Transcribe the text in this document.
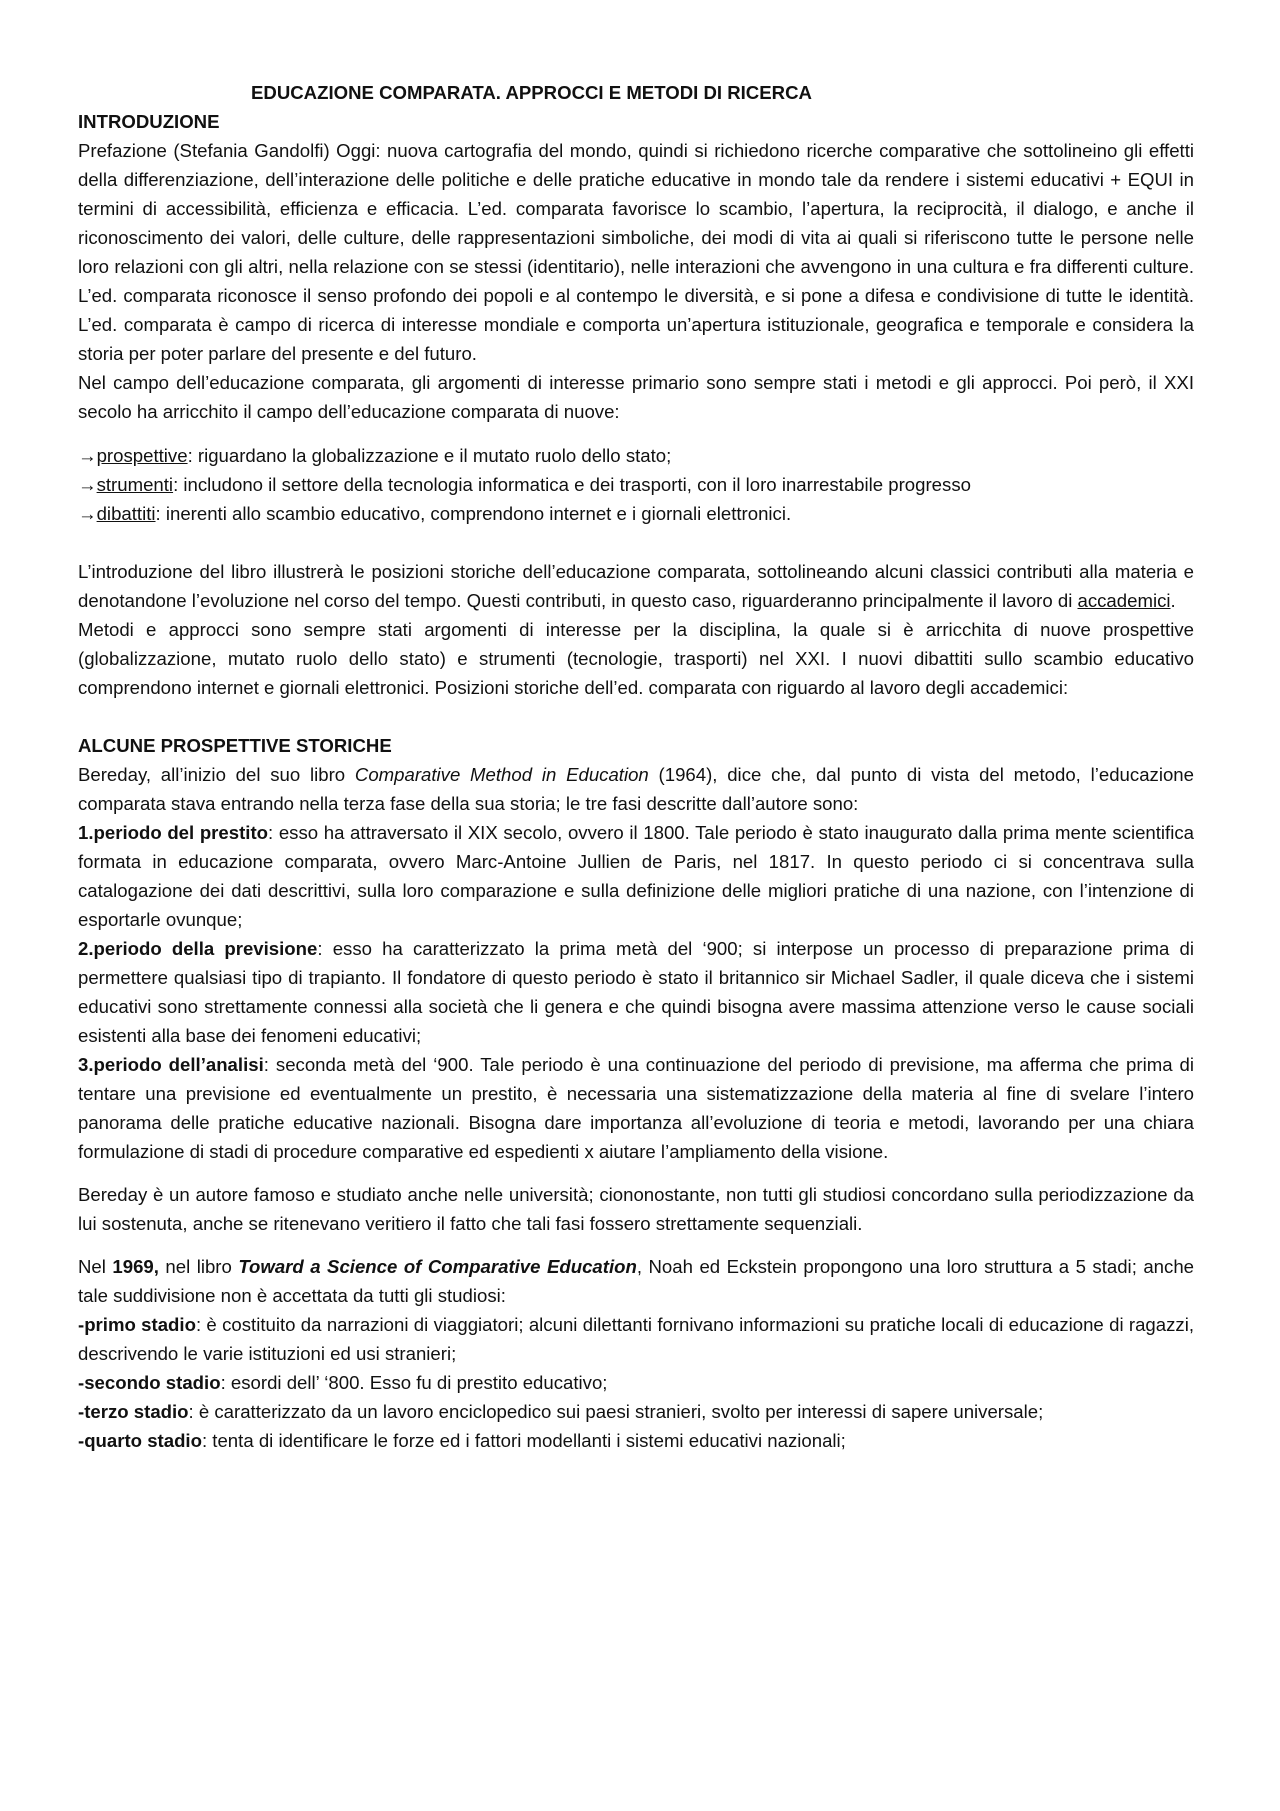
EDUCAZIONE COMPARATA. APPROCCI E METODI DI RICERCA
INTRODUZIONE

Prefazione (Stefania Gandolfi) Oggi: nuova cartografia del mondo, quindi si richiedono ricerche comparative che sottolineino gli effetti della differenziazione, dell’interazione delle politiche e delle pratiche educative in mondo tale da rendere i sistemi educativi + EQUI in termini di accessibilità, efficienza e efficacia. L’ed. comparata favorisce lo scambio, l’apertura, la reciprocità, il dialogo, e anche il riconoscimento dei valori, delle culture, delle rappresentazioni simboliche, dei modi di vita ai quali si riferiscono tutte le persone nelle loro relazioni con gli altri, nella relazione con se stessi (identitario), nelle interazioni che avvengono in una cultura e fra differenti culture. L’ed. comparata riconosce il senso profondo dei popoli e al contempo le diversità, e si pone a difesa e condivisione di tutte le identità. L’ed. comparata è campo di ricerca di interesse mondiale e comporta un’apertura istituzionale, geografica e temporale e considera la storia per poter parlare del presente e del futuro.

Nel campo dell’educazione comparata, gli argomenti di interesse primario sono sempre stati i metodi e gli approcci. Poi però, il XXI secolo ha arricchito il campo dell’educazione comparata di nuove:

→prospettive: riguardano la globalizzazione e il mutato ruolo dello stato;
→strumenti: includono il settore della tecnologia informatica e dei trasporti, con il loro inarrestabile progresso
→dibattiti: inerenti allo scambio educativo, comprendono internet e i giornali elettronici.

L’introduzione del libro illustrerà le posizioni storiche dell’educazione comparata, sottolineando alcuni classici contributi alla materia e denotandone l’evoluzione nel corso del tempo. Questi contributi, in questo caso, riguarderanno principalmente il lavoro di accademici.

Metodi e approcci sono sempre stati argomenti di interesse per la disciplina, la quale si è arricchita di nuove prospettive (globalizzazione, mutato ruolo dello stato) e strumenti (tecnologie, trasporti) nel XXI. I nuovi dibattiti sullo scambio educativo comprendono internet e giornali elettronici. Posizioni storiche dell’ed. comparata con riguardo al lavoro degli accademici:

ALCUNE PROSPETTIVE STORICHE

Bereday, all’inizio del suo libro Comparative Method in Education (1964), dice che, dal punto di vista del metodo, l’educazione comparata stava entrando nella terza fase della sua storia; le tre fasi descritte dall’autore sono:

1.periodo del prestito: esso ha attraversato il XIX secolo, ovvero il 1800. Tale periodo è stato inaugurato dalla prima mente scientifica formata in educazione comparata, ovvero Marc-Antoine Jullien de Paris, nel 1817. In questo periodo ci si concentrava sulla catalogazione dei dati descrittivi, sulla loro comparazione e sulla definizione delle migliori pratiche di una nazione, con l’intenzione di esportarle ovunque;

2.periodo della previsione: esso ha caratterizzato la prima metà del ‘900; si interpose un processo di preparazione prima di permettere qualsiasi tipo di trapianto. Il fondatore di questo periodo è stato il britannico sir Michael Sadler, il quale diceva che i sistemi educativi sono strettamente connessi alla società che li genera e che quindi bisogna avere massima attenzione verso le cause sociali esistenti alla base dei fenomeni educativi;

3.periodo dell’analisi: seconda metà del ‘900. Tale periodo è una continuazione del periodo di previsione, ma afferma che prima di tentare una previsione ed eventualmente un prestito, è necessaria una sistematizzazione della materia al fine di svelare l’intero panorama delle pratiche educative nazionali. Bisogna dare importanza all’evoluzione di teoria e metodi, lavorando per una chiara formulazione di stadi di procedure comparative ed espedienti x aiutare l’ampliamento della visione.

Bereday è un autore famoso e studiato anche nelle università; ciononostante, non tutti gli studiosi concordano sulla periodizzazione da lui sostenuta, anche se ritenevano veritiero il fatto che tali fasi fossero strettamente sequenziali.

Nel 1969, nel libro Toward a Science of Comparative Education, Noah ed Eckstein propongono una loro struttura a 5 stadi; anche tale suddivisione non è accettata da tutti gli studiosi:

-primo stadio: è costituito da narrazioni di viaggiatori; alcuni dilettanti fornivano informazioni su pratiche locali di educazione di ragazzi, descrivendo le varie istituzioni ed usi stranieri;

-secondo stadio: esordi dell’ ‘800. Esso fu di prestito educativo;

-terzo stadio: è caratterizzato da un lavoro enciclopedico sui paesi stranieri, svolto per interessi di sapere universale;

-quarto stadio: tenta di identificare le forze ed i fattori modellanti i sistemi educativi nazionali;
